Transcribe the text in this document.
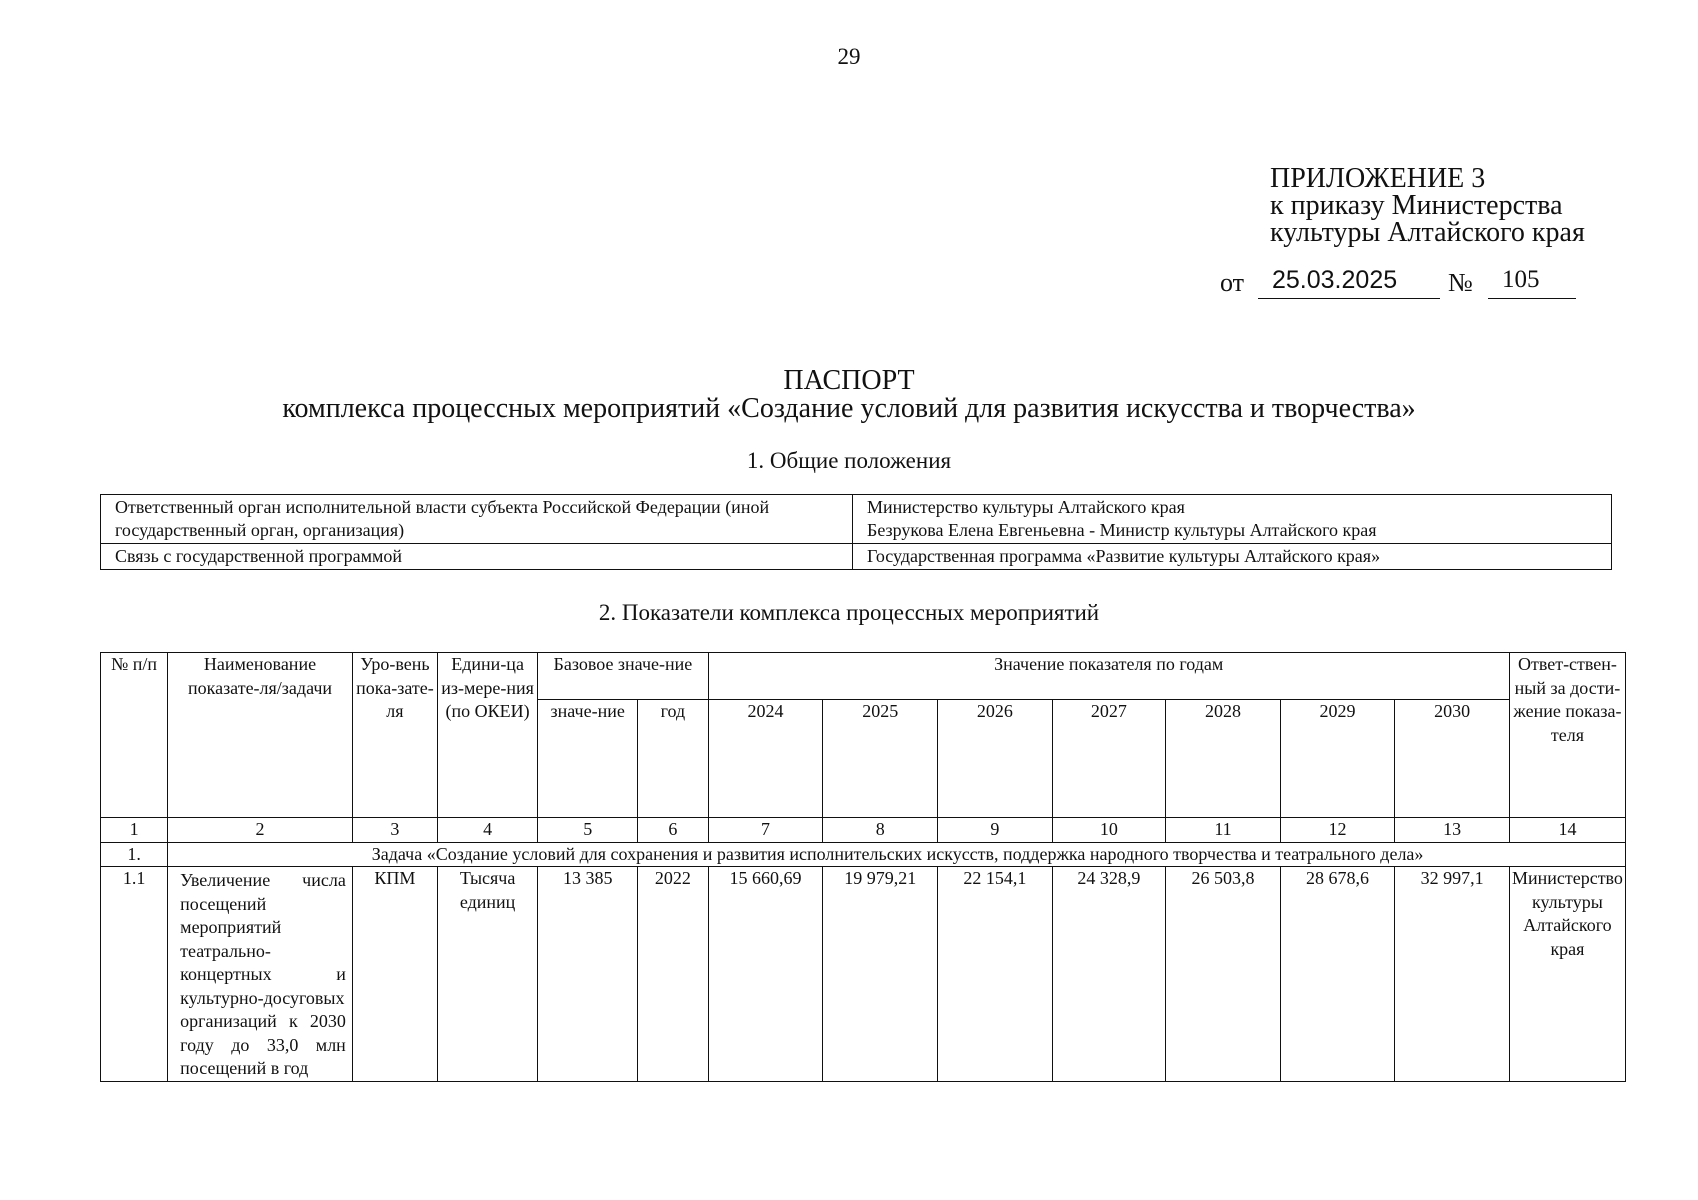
29
ПРИЛОЖЕНИЕ 3
к приказу Министерства
культуры Алтайского края
от	25.03.2025	№	105
ПАСПОРТ
комплекса процессных мероприятий «Создание условий для развития искусства и творчества»
1. Общие положения
Ответственный орган исполнительной власти субъекта Российской Федерации (иной государственный орган, организация)	Министерство культуры Алтайского края
Безрукова Елена Евгеньевна - Министр культуры Алтайского края

Связь с государственной программой	Государственная программа «Развитие культуры Алтайского края»
2. Показатели комплекса процессных мероприятий
№ п/п	Наименование показате-ля/задачи	Уро-вень пока-зате-ля	Едини-ца из-мере-ния (по ОКЕИ)	Базовое значе-ние		Значение показателя по годам							Ответ-ствен-ный за дости-жение показа-теля
				значе-ние	год	2024	2025	2026	2027	2028	2029	2030	
1	2	3	4	5	6	7	8	9	10	11	12	13	14
1.	Задача «Создание условий для сохранения и развития исполнительских искусств, поддержка народного творчества и театрального дела»												
1.1	Увеличение числа посещений мероприятий театрально-концертных и культурно-досуговых организаций к 2030 году до 33,0 млн посещений в год	КПМ	Тысяча единиц	13 385	2022	15 660,69	19 979,21	22 154,1	24 328,9	26 503,8	28 678,6	32 997,1	Министерство культуры Алтайского края
